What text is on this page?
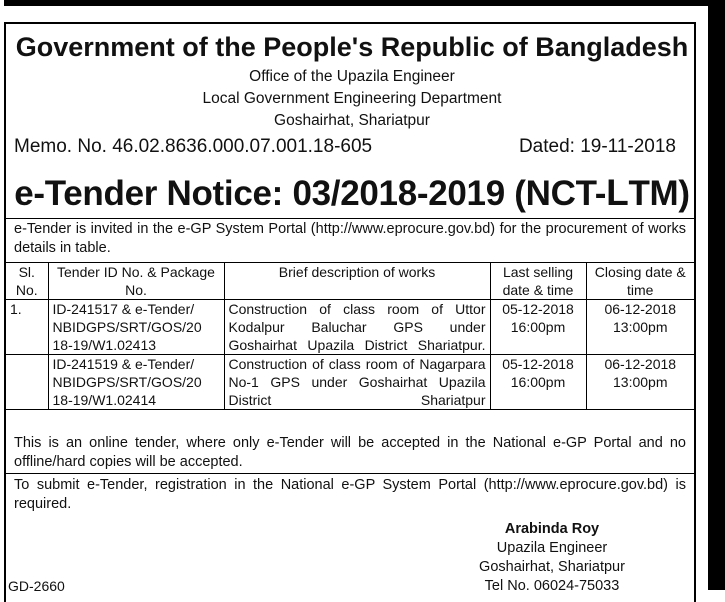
Government of the People's Republic of Bangladesh
Office of the Upazila Engineer
Local Government Engineering Department
Goshairhat, Shariatpur
Memo. No. 46.02.8636.000.07.001.18-605	Dated: 19-11-2018
e-Tender Notice: 03/2018-2019 (NCT-LTM)
e-Tender is invited in the e-GP System Portal (http://www.eprocure.gov.bd) for the procurement of works details in table.
Sl. No.	Tender ID No. & Package No.	Brief description of works	Last selling date & time	Closing date & time
1.	ID-241517 & e-Tender/ NBIDGPS/SRT/GOS/20 18-19/W1.02413	Construction of class room of Uttor Kodalpur Baluchar GPS under Goshairhat Upazila District Shariatpur.	05-12-2018 16:00pm	06-12-2018 13:00pm
	ID-241519 & e-Tender/ NBIDGPS/SRT/GOS/20 18-19/W1.02414	Construction of class room of Nagarpara No-1 GPS under Goshairhat Upazila District Shariatpur	05-12-2018 16:00pm	06-12-2018 13:00pm
This is an online tender, where only e-Tender will be accepted in the National e-GP Portal and no offline/hard copies will be accepted.
To submit e-Tender, registration in the National e-GP System Portal (http://www.eprocure.gov.bd) is required.
Arabinda Roy
Upazila Engineer
Goshairhat, Shariatpur
Tel No. 06024-75033
GD-2660
